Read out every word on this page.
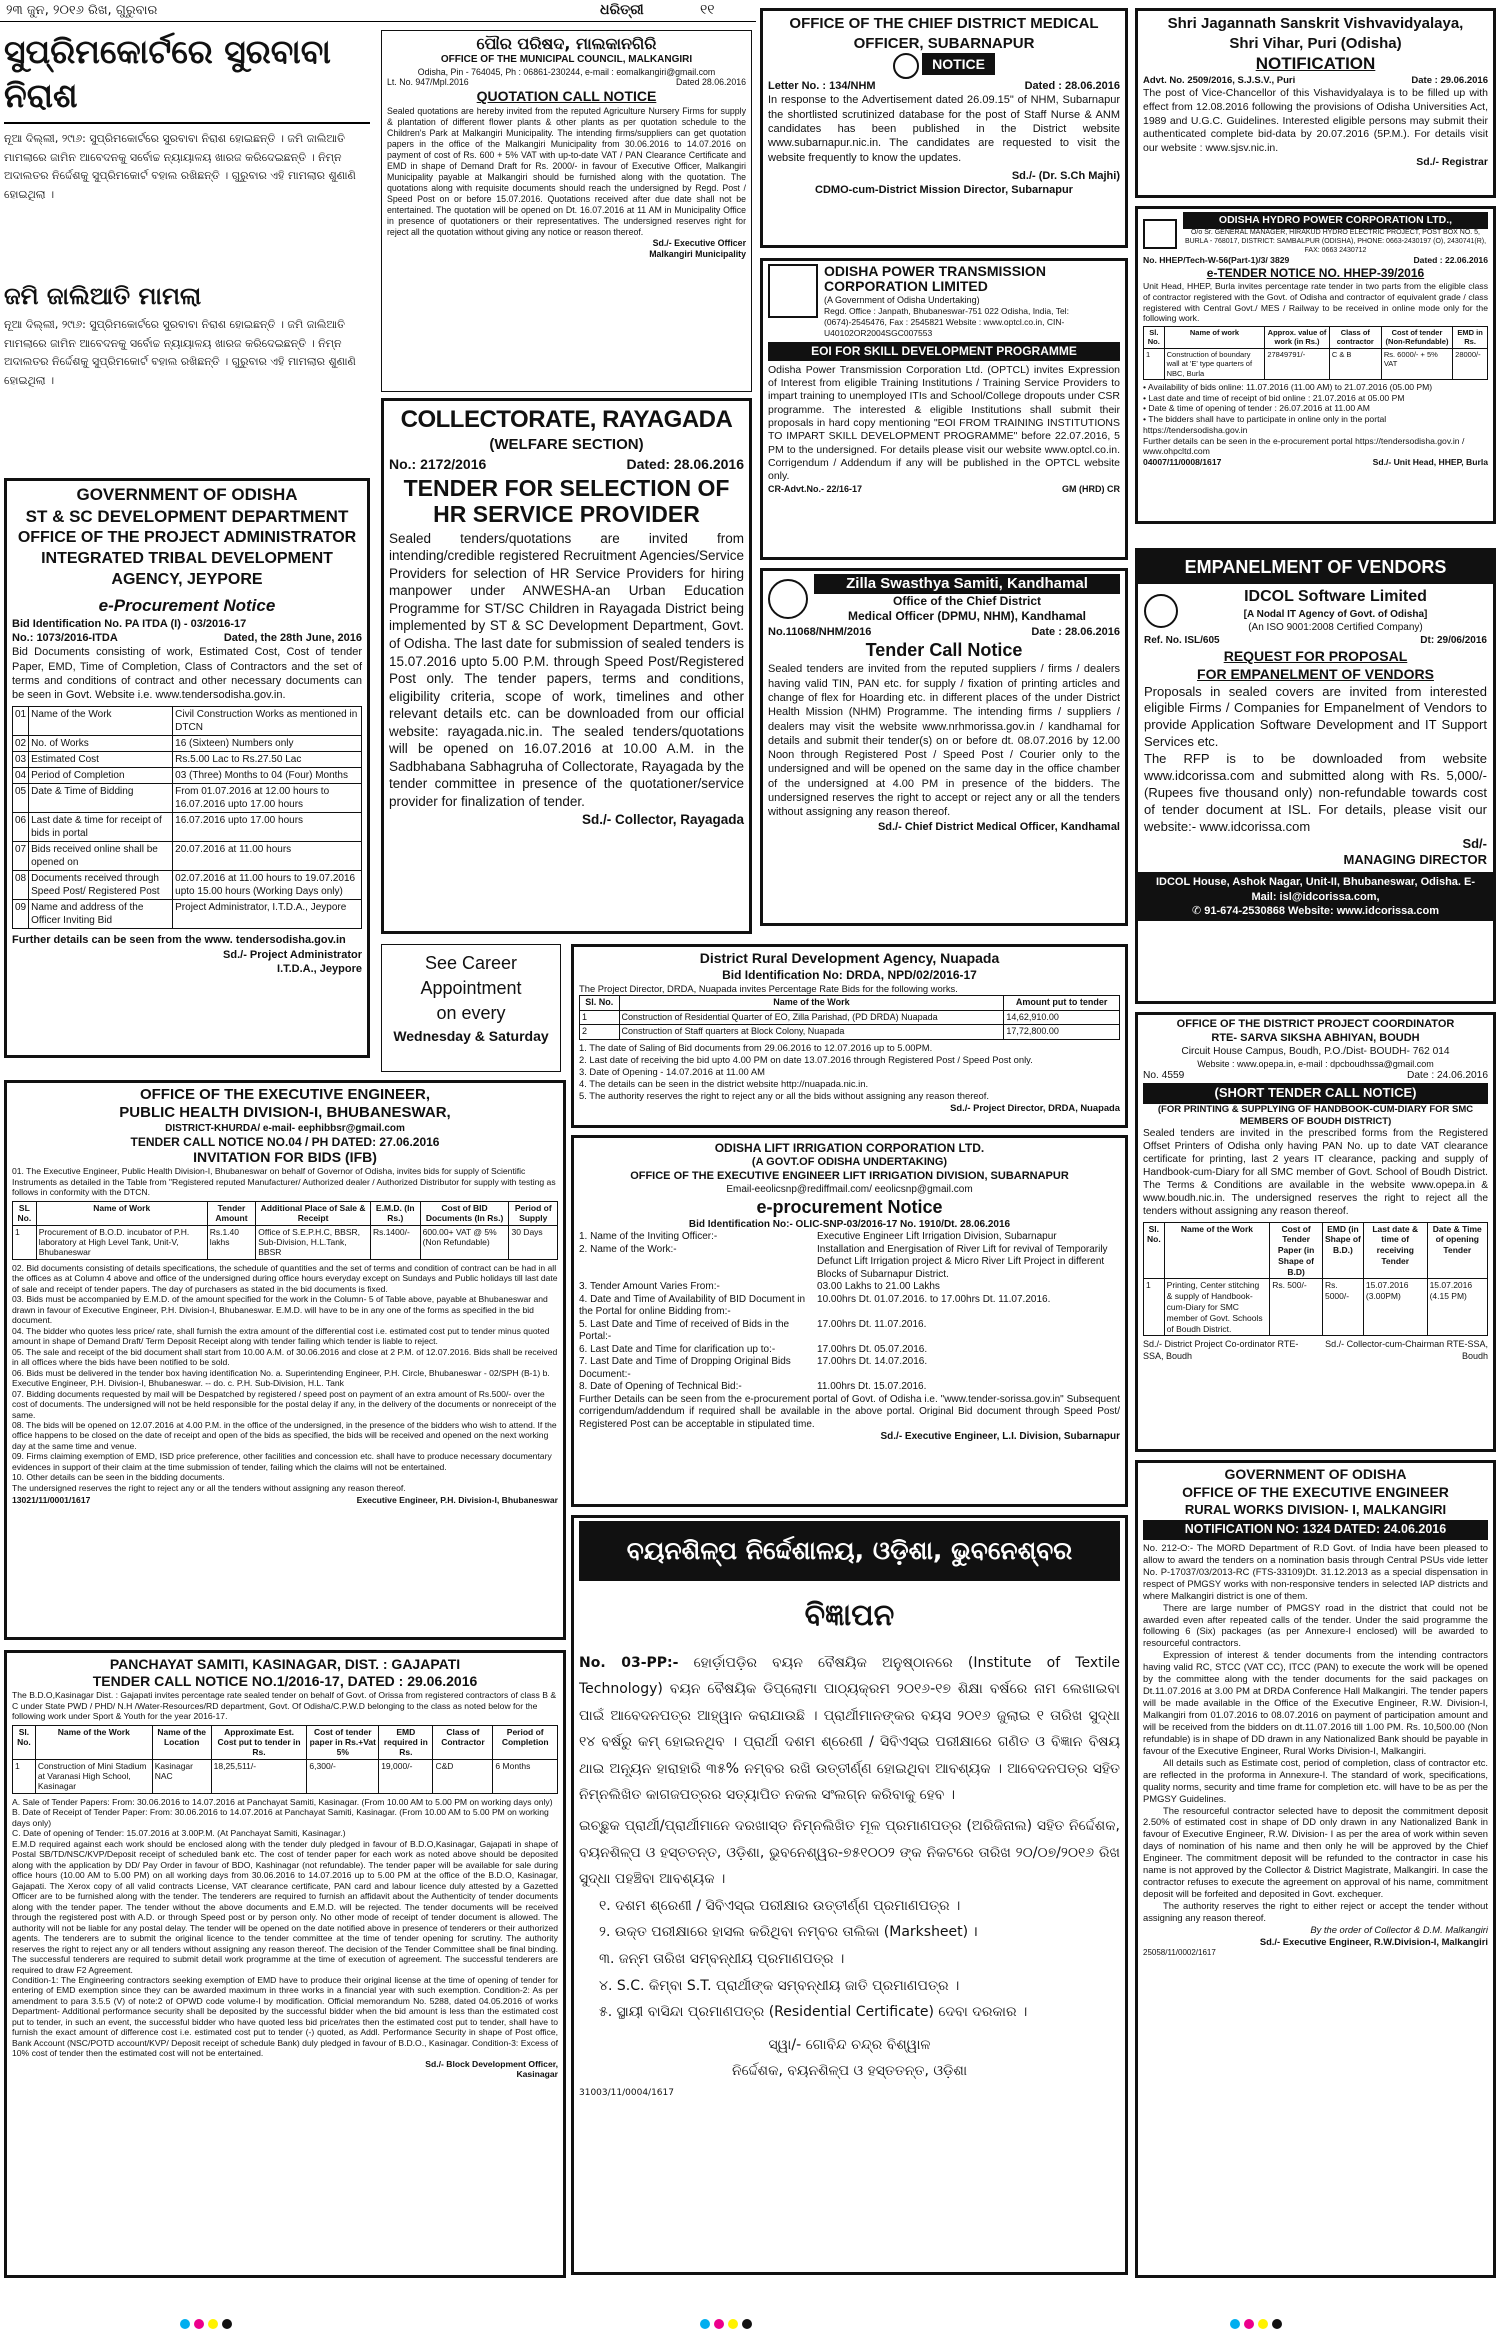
୨୩ ଜୁନ, ୨୦୧୬ ରିଖ, ଗୁରୁବାର	ଧରିତ୍ରୀ	୧୧
ସୁପ୍ରିମକୋର୍ଟରେ ସୁରବାବା ନିରାଶ
ନୂଆ ଦିଲ୍ଲୀ, ୨୯ା୬: ସୁପ୍ରିମକୋର୍ଟରେ ସୁରବାବା ନିରାଶ ହୋଇଛନ୍ତି । ଜମି ଜାଲିଆତି ମାମଲାରେ ଜାମିନ ଆବେଦନକୁ ସର୍ବୋଚ୍ଚ ନ୍ୟାୟାଳୟ ଖାରଜ କରିଦେଇଛନ୍ତି । ନିମ୍ନ ଅଦାଲତର ନିର୍ଦ୍ଦେଶକୁ ସୁପ୍ରିମକୋର୍ଟ ବହାଲ ରଖିଛନ୍ତି । ଗୁରୁବାର ଏହି ମାମଲାର ଶୁଣାଣି ହୋଇଥିଲା ।
ଜମି ଜାଲିଆତି ମାମଲା
ନୂଆ ଦିଲ୍ଲୀ, ୨୯ା୬: ସୁପ୍ରିମକୋର୍ଟରେ ସୁରବାବା ନିରାଶ ହୋଇଛନ୍ତି । ଜମି ଜାଲିଆତି ମାମଲାରେ ଜାମିନ ଆବେଦନକୁ ସର୍ବୋଚ୍ଚ ନ୍ୟାୟାଳୟ ଖାରଜ କରିଦେଇଛନ୍ତି । ନିମ୍ନ ଅଦାଲତର ନିର୍ଦ୍ଦେଶକୁ ସୁପ୍ରିମକୋର୍ଟ ବହାଲ ରଖିଛନ୍ତି । ଗୁରୁବାର ଏହି ମାମଲାର ଶୁଣାଣି ହୋଇଥିଲା ।
GOVERNMENT OF ODISHA
ST & SC DEVELOPMENT DEPARTMENT
OFFICE OF THE PROJECT ADMINISTRATOR
INTEGRATED TRIBAL DEVELOPMENT AGENCY, JEYPORE
e-Procurement Notice
Bid Identification No. PA ITDA (I) - 03/2016-17
No.: 1073/2016-ITDA	Dated, the 28th June, 2016
Bid Documents consisting of work, Estimated Cost, Cost of tender Paper, EMD, Time of Completion, Class of Contractors and the set of terms and conditions of contract and other necessary documents can be seen in Govt. Website i.e. www.tendersodisha.gov.in.
01	Name of the Work	Civil Construction Works as mentioned in DTCN
02	No. of Works	16 (Sixteen) Numbers only
03	Estimated Cost	Rs.5.00 Lac to Rs.27.50 Lac
04	Period of Completion	03 (Three) Months to 04 (Four) Months
05	Date & Time of Bidding	From 01.07.2016 at 12.00 hours to 16.07.2016 upto 17.00 hours
06	Last date & time for receipt of bids in portal	16.07.2016 upto 17.00 hours
07	Bids received online shall be opened on	20.07.2016 at 11.00 hours
08	Documents received through Speed Post/ Registered Post	02.07.2016 at 11.00 hours to 19.07.2016 upto 15.00 hours (Working Days only)
09	Name and address of the Officer Inviting Bid	Project Administrator, I.T.D.A., Jeypore
Further details can be seen from the www. tendersodisha.gov.in
Sd./- Project Administrator
I.T.D.A., Jeypore
OFFICE OF THE EXECUTIVE ENGINEER,
PUBLIC HEALTH DIVISION-I, BHUBANESWAR,
DISTRICT-KHURDA/ e-mail- eephibbsr@gmail.com
TENDER CALL NOTICE NO.04 / PH DATED: 27.06.2016
INVITATION FOR BIDS (IFB)
01. The Executive Engineer, Public Health Division-I, Bhubaneswar on behalf of Governor of Odisha, invites bids for supply of Scientific Instruments as detailed in the Table from "Registered reputed Manufacturer/ Authorized dealer / Authorized Distributor for supply with testing as follows in conformity with the DTCN.
SL No.	Name of Work	Tender Amount	Additional Place of Sale & Receipt	E.M.D. (In Rs.)	Cost of BID Documents (In Rs.)	Period of Supply
1	Procurement of B.O.D. incubator of P.H. laboratory at High Level Tank, Unit-V, Bhubaneswar	Rs.1.40 lakhs	Office of S.E.P.H.C, BBSR, Sub-Division, H.L.Tank, BBSR	Rs.1400/-	600.00+ VAT @ 5% (Non Refundable)	30 Days
02. Bid documents consisting of details specifications, the schedule of quantities and the set of terms and condition of contract can be had in all the offices as at Column 4 above and office of the undersigned during office hours everyday except on Sundays and Public holidays till last date of sale and receipt of tender papers. The day of purchasers as stated in the bid documents is fixed.
03. Bids must be accompanied by E.M.D. of the amount specified for the work in the Column- 5 of Table above, payable at Bhubaneswar and drawn in favour of Executive Engineer, P.H. Division-I, Bhubaneswar. E.M.D. will have to be in any one of the forms as specified in the bid document.
04. The bidder who quotes less price/ rate, shall furnish the extra amount of the differential cost i.e. estimated cost put to tender minus quoted amount in shape of Demand Draft/ Term Deposit Receipt along with tender failing which tender is liable to reject.
05. The sale and receipt of the bid document shall start from 10.00 A.M. of 30.06.2016 and close at 2 P.M. of 12.07.2016. Bids shall be received in all offices where the bids have been notified to be sold.
06. Bids must be delivered in the tender box having identification No. a. Superintending Engineer, P.H. Circle, Bhubaneswar - 02/SPH (B-1) b. Executive Engineer, P.H. Division-I, Bhubaneswar. -- do. c. P.H. Sub-Division, H.L. Tank
07. Bidding documents requested by mail will be Despatched by registered / speed post on payment of an extra amount of Rs.500/- over the cost of documents. The undersigned will not be held responsible for the postal delay if any, in the delivery of the documents or nonreceipt of the same.
08. The bids will be opened on 12.07.2016 at 4.00 P.M. in the office of the undersigned, in the presence of the bidders who wish to attend. If the office happens to be closed on the date of receipt and open of the bids as specified, the bids will be received and opened on the next working day at the same time and venue.
09. Firms claiming exemption of EMD, ISD price preference, other facilities and concession etc. shall have to produce necessary documentary evidences in support of their claim at the time submission of tender, failing which the claims will not be entertained.
10. Other details can be seen in the bidding documents.
The undersigned reserves the right to reject any or all the tenders without assigning any reason thereof.
13021/11/0001/1617	Executive Engineer, P.H. Division-I, Bhubaneswar
PANCHAYAT SAMITI, KASINAGAR, DIST. : GAJAPATI
TENDER CALL NOTICE NO.1/2016-17, DATED : 29.06.2016
The B.D.O,Kasinagar Dist. : Gajapati invites percentage rate sealed tender on behalf of Govt. of Orissa from registered contractors of class B & C under State PWD / PHD/ N.H /Water-Resources/RD department, Govt. Of Odisha/C.P.W.D belonging to the class as noted below for the following work under Sport & Youth for the year 2016-17.
Sl. No.	Name of the Work	Name of the Location	Approximate Est. Cost put to tender in Rs.	Cost of tender paper in Rs.+Vat 5%	EMD required in Rs.	Class of Contractor	Period of Completion
1	Construction of Mini Stadium at Varanasi High School, Kasinagar	Kasinagar NAC	18,25,511/-	6,300/-	19,000/-	C&D	6 Months
A. Sale of Tender Papers: From: 30.06.2016 to 14.07.2016 at Panchayat Samiti, Kasinagar. (From 10.00 AM to 5.00 PM on working days only)
B. Date of Receipt of Tender Paper: From: 30.06.2016 to 14.07.2016 at Panchayat Samiti, Kasinagar. (From 10.00 AM to 5.00 PM on working days only)
C. Date of opening of Tender: 15.07.2016 at 3.00P.M. (At Panchayat Samiti, Kasinagar.)
E.M.D required against each work should be enclosed along with the tender duly pledged in favour of B.D.O,Kasinagar, Gajapati in shape of Postal SB/TD/NSC/KVP/Deposit receipt of scheduled bank etc. The cost of tender paper for each work as noted above should be deposited along with the application by DD/ Pay Order in favour of BDO, Kashinagar (not refundable). The tender paper will be available for sale during office hours (10.00 AM to 5.00 PM) on all working days from 30.06.2016 to 14.07.2016 up to 5.00 PM at the office of the B.D.O, Kasinagar, Gajapati. The Xerox copy of all valid contracts License, VAT clearance certificate, PAN card and labour licence duly attested by a Gazetted Officer are to be furnished along with the tender. The tenderers are required to furnish an affidavit about the Authenticity of tender documents along with the tender paper. The tender without the above documents and E.M.D. will be rejected. The tender documents will be received through the registered post with A.D. or through Speed post or by person only. No other mode of receipt of tender document is allowed. The authority will not be liable for any postal delay. The tender will be opened on the date notified above in presence of tenderers or their authorized agents. The tenderers are to submit the original licence to the tender committee at the time of tender opening for scrutiny. The authority reserves the right to reject any or all tenders without assigning any reason thereof. The decision of the Tender Committee shall be final binding. The successful tenderers are required to submit detail work programme at the time of execution of agreement. The successful tenderers are required to draw F2 Agreement.
Condition-1: The Engineering contractors seeking exemption of EMD have to produce their original license at the time of opening of tender for entering of EMD exemption since they can be awarded maximum in three works in a financial year with such exemption. Condition-2: As per amendment to para 3.5.5 (V) of note:2 of OPWD code volume-I by modification. Official memorandum No. 5288, dated 04.05.2016 of works Department- Additional performance security shall be deposited by the successful bidder when the bid amount is less than the estimated cost put to tender, in such an event, the successful bidder who have quoted less bid price/rates then the estimated cost put to tender, shall have to furnish the exact amount of difference cost i.e. estimated cost put to tender (-) quoted, as Addl. Performance Security in shape of Post office, Bank Account (NSC/POTD account/KVP/ Deposit receipt of schedule Bank) duly pledged in favour of B.D.O., Kasinagar. Condition-3: Excess of 10% cost of tender then the estimated cost will not be entertained.
Sd./- Block Development Officer,
Kasinagar
ପୌର ପରିଷଦ, ମାଲକାନଗିରି
OFFICE OF THE MUNICIPAL COUNCIL, MALKANGIRI
Odisha, Pin - 764045, Ph : 06861-230244, e-mail : eomalkangiri@gmail.com
Lt. No. 947/Mpl.2016	Dated 28.06.2016
QUOTATION CALL NOTICE
Sealed quotations are hereby invited from the reputed Agriculture Nursery Firms for supply & plantation of different flower plants & other plants as per quotation schedule to the Children's Park at Malkangiri Municipality. The intending firms/suppliers can get quotation papers in the office of the Malkangiri Municipality from 30.06.2016 to 14.07.2016 on payment of cost of Rs. 600 + 5% VAT with up-to-date VAT / PAN Clearance Certificate and EMD in shape of Demand Draft for Rs. 2000/- in favour of Executive Officer, Malkangiri Municipality payable at Malkangiri should be furnished along with the quotation. The quotations along with requisite documents should reach the undersigned by Regd. Post / Speed Post on or before 15.07.2016. Quotations received after due date shall not be entertained. The quotation will be opened on Dt. 16.07.2016 at 11 AM in Municipality Office in presence of quotationers or their representatives. The undersigned reserves right for reject all the quotation without giving any notice or reason thereof.
Sd./- Executive Officer
Malkangiri Municipality
COLLECTORATE, RAYAGADA
(WELFARE SECTION)
No.: 2172/2016	Dated: 28.06.2016
TENDER FOR SELECTION OF HR SERVICE PROVIDER
Sealed tenders/quotations are invited from intending/credible registered Recruitment Agencies/Service Providers for selection of HR Service Providers for hiring manpower under ANWESHA-an Urban Education Programme for ST/SC Children in Rayagada District being implemented by ST & SC Development Department, Govt. of Odisha. The last date for submission of sealed tenders is 15.07.2016 upto 5.00 P.M. through Speed Post/Registered Post only. The tender papers, terms and conditions, eligibility criteria, scope of work, timelines and other relevant details etc. can be downloaded from our official website: rayagada.nic.in. The sealed tenders/quotations will be opened on 16.07.2016 at 10.00 A.M. in the Sadbhabana Sabhagruha of Collectorate, Rayagada by the tender committee in presence of the quotationer/service provider for finalization of tender.
Sd./- Collector, Rayagada
See Career
Appointment
on every
Wednesday & Saturday
OFFICE OF THE CHIEF DISTRICT MEDICAL OFFICER, SUBARNAPUR
NOTICE
Letter No. : 134/NHM	Dated : 28.06.2016
In response to the Advertisement dated 26.09.15" of NHM, Subarnapur the shortlisted scrutinized database for the post of Staff Nurse & ANM candidates has been published in the District website www.subarnapur.nic.in. The candidates are requested to visit the website frequently to know the updates.
Sd./- (Dr. S.Ch Majhi)
CDMO-cum-District Mission Director, Subarnapur
ODISHA POWER TRANSMISSION CORPORATION LIMITED
(A Government of Odisha Undertaking)
Regd. Office : Janpath, Bhubaneswar-751 022 Odisha, India, Tel:(0674)-2545476, Fax : 2545821 Website : www.optcl.co.in, CIN-U40102OR2004SGC007553
EOI FOR SKILL DEVELOPMENT PROGRAMME
Odisha Power Transmission Corporation Ltd. (OPTCL) invites Expression of Interest from eligible Training Institutions / Training Service Providers to impart training to unemployed ITIs and School/College dropouts under CSR programme. The interested & eligible Institutions shall submit their proposals in hard copy mentioning "EOI FROM TRAINING INSTITUTIONS TO IMPART SKILL DEVELOPMENT PROGRAMME" before 22.07.2016, 5 PM to the undersigned. For details please visit our website www.optcl.co.in. Corrigendum / Addendum if any will be published in the OPTCL website only.
CR-Advt.No.- 22/16-17	GM (HRD) CR
Zilla Swasthya Samiti, Kandhamal
Office of the Chief District
Medical Officer (DPMU, NHM), Kandhamal
No.11068/NHM/2016	Date : 28.06.2016
Tender Call Notice
Sealed tenders are invited from the reputed suppliers / firms / dealers having valid TIN, PAN etc. for supply / fixation of printing articles and change of flex for Hoarding etc. in different places of the under District Health Mission (NHM) Programme. The intending firms / suppliers / dealers may visit the website www.nrhmorissa.gov.in / kandhamal for details and submit their tender(s) on or before dt. 08.07.2016 by 12.00 Noon through Registered Post / Speed Post / Courier only to the undersigned and will be opened on the same day in the office chamber of the undersigned at 4.00 PM in presence of the bidders. The undersigned reserves the right to accept or reject any or all the tenders without assigning any reason thereof.
Sd./- Chief District Medical Officer, Kandhamal
District Rural Development Agency, Nuapada
Bid Identification No: DRDA, NPD/02/2016-17
The Project Director, DRDA, Nuapada invites Percentage Rate Bids for the following works.
Sl. No.	Name of the Work	Amount put to tender
1	Construction of Residential Quarter of EO, Zilla Parishad, (PD DRDA) Nuapada	14,62,910.00
2	Construction of Staff quarters at Block Colony, Nuapada	17,72,800.00
1. The date of Saling of Bid documents from 29.06.2016 to 12.07.2016 up to 5.00PM.
2. Last date of receiving the bid upto 4.00 PM on date 13.07.2016 through Registered Post / Speed Post only.
3. Date of Opening - 14.07.2016 at 11.00 AM
4. The details can be seen in the district website http://nuapada.nic.in.
5. The authority reserves the right to reject any or all the bids without assigning any reason thereof.
Sd./- Project Director, DRDA, Nuapada
ODISHA LIFT IRRIGATION CORPORATION LTD.
(A GOVT.OF ODISHA UNDERTAKING)
OFFICE OF THE EXECUTIVE ENGINEER LIFT IRRIGATION DIVISION, SUBARNAPUR
Email-eeolicsnp@rediffmail.com/ eeolicsnp@gmail.com
e-procurement Notice
Bid Identification No:- OLIC-SNP-03/2016-17 No. 1910/Dt. 28.06.2016
1. Name of the Inviting Officer:-	Executive Engineer Lift Irrigation Division, Subarnapur
2. Name of the Work:-	Installation and Energisation of River Lift for revival of Temporarily Defunct Lift Irrigation project & Micro River Lift Project in different Blocks of Subarnapur District.
3. Tender Amount Varies From:-	03.00 Lakhs to 21.00 Lakhs
4. Date and Time of Availability of BID Document in the Portal for online Bidding from:-
10.00hrs Dt. 01.07.2016. to 17.00hrs Dt. 11.07.2016.
5. Last Date and Time of received of Bids in the Portal:-
17.00hrs Dt. 11.07.2016.
6. Last Date and Time for clarification up to:-	17.00hrs Dt. 05.07.2016.
7. Last Date and Time of Dropping Original Bids Document:-
17.00hrs Dt. 14.07.2016.
8. Date of Opening of Technical Bid:-	11.00hrs Dt. 15.07.2016.
Further Details can be seen from the e-procurement portal of Govt. of Odisha i.e. "www.tender-sorissa.gov.in" Subsequent corrigendum/addendum if required shall be available in the above portal. Original Bid document through Speed Post/ Registered Post can be acceptable in stipulated time.
Sd./- Executive Engineer, L.I. Division, Subarnapur
ବୟନଶିଳ୍ପ ନିର୍ଦ୍ଦେଶାଳୟ, ଓଡ଼ିଶା, ଭୁବନେଶ୍ବର
ବିଜ୍ଞାପନ
No. 03-PP:- ହୋର୍ଡ଼ାପଡ଼ିର ବୟନ ବୈଷୟିକ ଅନୁଷ୍ଠାନରେ (Institute of Textile Technology) ବୟନ ବୈଷୟିକ ଡିପ୍ଲୋମା ପାଠ୍ୟକ୍ରମ ୨୦୧୬-୧୭ ଶିକ୍ଷା ବର୍ଷରେ ନାମ ଲେଖାଇବା ପାଇଁ ଆବେଦନପତ୍ର ଆହ୍ୱାନ କରାଯାଉଛି । ପ୍ରାର୍ଥୀମାନଙ୍କର ବୟସ ୨୦୧୬ ଜୁଲାଇ ୧ ତାରିଖ ସୁଦ୍ଧା ୧୪ ବର୍ଷରୁ କମ୍ ହୋଇନଥିବ । ପ୍ରାର୍ଥୀ ଦଶମ ଶ୍ରେଣୀ / ସିବିଏସ୍‌ଇ ପରୀକ୍ଷାରେ ଗଣିତ ଓ ବିଜ୍ଞାନ ବିଷୟ ଥାଇ ଅନ୍ୟୂନ ହାରାହାରି ୩୫% ନମ୍ବର ରଖି ଉତ୍ତୀର୍ଣ୍ଣ ହୋଇଥିବା ଆବଶ୍ୟକ । ଆବେଦନପତ୍ର ସହିତ ନିମ୍ନଲିଖିତ କାଗଜପତ୍ରର ସତ୍ୟାପିତ ନକଲ ସଂଲଗ୍ନ କରିବାକୁ ହେବ ।
ଇଚ୍ଛୁକ ପ୍ରାର୍ଥୀ/ପ୍ରାର୍ଥୀମାନେ ଦରଖାସ୍ତ ନିମ୍ନଲିଖିତ ମୂଳ ପ୍ରମାଣପତ୍ର (ଅରିଜିନାଲ) ସହିତ ନିର୍ଦ୍ଦେଶକ, ବୟନଶିଳ୍ପ ଓ ହସ୍ତତନ୍ତ, ଓଡ଼ିଶା, ଭୁବନେଶ୍ୱର-୭୫୧୦୦୨ ଙ୍କ ନିକଟରେ ତାରିଖ ୨୦/୦୭/୨୦୧୬ ରିଖ ସୁଦ୍ଧା ପହଞ୍ଚିବା ଆବଶ୍ୟକ ।
୧. ଦଶମ ଶ୍ରେଣୀ / ସିବିଏସ୍‌ଇ ପରୀକ୍ଷାର ଉତ୍ତୀର୍ଣ୍ଣ ପ୍ରମାଣପତ୍ର ।
୨. ଉକ୍ତ ପରୀକ୍ଷାରେ ହାସଲ କରିଥିବା ନମ୍ବର ତାଲିକା (Marksheet) ।
୩. ଜନ୍ମ ତାରିଖ ସମ୍ବନ୍ଧୀୟ ପ୍ରମାଣପତ୍ର ।
୪. S.C. କିମ୍ବା S.T. ପ୍ରାର୍ଥୀଙ୍କ ସମ୍ବନ୍ଧୀୟ ଜାତି ପ୍ରମାଣପତ୍ର ।
୫. ସ୍ଥାୟୀ ବାସିନ୍ଦା ପ୍ରମାଣପତ୍ର (Residential Certificate) ଦେବା ଦରକାର ।
ସ୍ୱା/- ଗୋବିନ୍ଦ ଚନ୍ଦ୍ର ବିଶ୍ୱାଳ
ନିର୍ଦ୍ଦେଶକ, ବୟନଶିଳ୍ପ ଓ ହସ୍ତତନ୍ତ, ଓଡ଼ିଶା
31003/11/0004/1617
Shri Jagannath Sanskrit Vishvavidyalaya,
Shri Vihar, Puri (Odisha)
NOTIFICATION
Advt. No. 2509/2016, S.J.S.V., Puri	Date : 29.06.2016
The post of Vice-Chancellor of this Vishavidyalaya is to be filled up with effect from 12.08.2016 following the provisions of Odisha Universities Act, 1989 and U.G.C. Guidelines. Interested eligible persons may submit their authenticated complete bid-data by 20.07.2016 (5P.M.). For details visit our website : www.sjsv.nic.in.
Sd./- Registrar
ODISHA HYDRO POWER CORPORATION LTD.,
O/o Sr. GENERAL MANAGER, HIRAKUD HYDRO ELECTRIC PROJECT, POST BOX NO. 5, BURLA - 768017, DISTRICT: SAMBALPUR (ODISHA), PHONE: 0663-2430197 (O), 2430741(R), FAX: 0663 2430712
No. HHEP/Tech-W-56(Part-1)/3/ 3829	Dated : 22.06.2016
e-TENDER NOTICE NO. HHEP-39/2016
Unit Head, HHEP, Burla invites percentage rate tender in two parts from the eligible class of contractor registered with the Govt. of Odisha and contractor of equivalent grade / class registered with Central Govt./ MES / Railway to be received in online mode only for the following work.
Sl. No.	Name of work	Approx. value of work (in Rs.)	Class of contractor	Cost of tender (Non-Refundable)	EMD in Rs.
1	Construction of boundary wall at 'E' type quarters of NBC, Burla	27849791/-	C & B	Rs. 6000/- + 5% VAT	28000/-
• Availability of bids online: 11.07.2016 (11.00 AM) to 21.07.2016 (05.00 PM)
• Last date and time of receipt of bid online : 21.07.2016 at 05.00 PM
• Date & time of opening of tender : 26.07.2016 at 11.00 AM
• The bidders shall have to participate in online only in the portal https://tendersodisha.gov.in
Further details can be seen in the e-procurement portal https://tendersodisha.gov.in / www.ohpcltd.com
04007/11/0008/1617	Sd./- Unit Head, HHEP, Burla
EMPANELMENT OF VENDORS
IDCOL Software Limited
[A Nodal IT Agency of Govt. of Odisha]
(An ISO 9001:2008 Certified Company)
Ref. No. ISL/605	Dt: 29/06/2016
REQUEST FOR PROPOSAL
FOR EMPANELMENT OF VENDORS
Proposals in sealed covers are invited from interested eligible Firms / Companies for Empanelment of Vendors to provide Application Software Development and IT Support Services etc.
The RFP is to be downloaded from website www.idcorissa.com and submitted along with Rs. 5,000/- (Rupees five thousand only) non-refundable towards cost of tender document at ISL. For details, please visit our website:- www.idcorissa.com
Sd/-
MANAGING DIRECTOR
IDCOL House, Ashok Nagar, Unit-II, Bhubaneswar, Odisha. E-Mail: isl@idcorissa.com,
✆ 91-674-2530868 Website: www.idcorissa.com
OFFICE OF THE DISTRICT PROJECT COORDINATOR
RTE- SARVA SIKSHA ABHIYAN, BOUDH
Circuit House Campus, Boudh, P.O./Dist- BOUDH- 762 014
Website : www.opepa.in, e-mail : dpcboudhssa@gmail.com
No. 4559	Date : 24.06.2016
(SHORT TENDER CALL NOTICE)
(FOR PRINTING & SUPPLYING OF HANDBOOK-CUM-DIARY FOR SMC MEMBERS OF BOUDH DISTRICT)
Sealed tenders are invited in the prescribed forms from the Registered Offset Printers of Odisha only having PAN No. up to date VAT clearance certificate for printing, last 2 years IT clearance, packing and supply of Handbook-cum-Diary for all SMC member of Govt. School of Boudh District. The Terms & Conditions are available in the website www.opepa.in & www.boudh.nic.in. The undersigned reserves the right to reject all the tenders without assigning any reason thereof.
Sl. No.	Name of the Work	Cost of Tender Paper (in Shape of B.D)	EMD (in Shape of B.D.)	Last date & time of receiving Tender	Date & Time of opening Tender
1	Printing, Center stitching & supply of Handbook-cum-Diary for SMC member of Govt. Schools of Boudh District.	Rs. 500/-	Rs. 5000/-	15.07.2016 (3.00PM)	15.07.2016 (4.15 PM)
Sd./- District Project Co-ordinator RTE-SSA, Boudh
Sd./- Collector-cum-Chairman RTE-SSA, Boudh
GOVERNMENT OF ODISHA
OFFICE OF THE EXECUTIVE ENGINEER
RURAL WORKS DIVISION- I, MALKANGIRI
NOTIFICATION NO: 1324 DATED: 24.06.2016
No. 212-O:- The MORD Department of R.D Govt. of India have been pleased to allow to award the tenders on a nomination basis through Central PSUs vide letter No. P-17037/03/2013-RC (FTS-33109)Dt. 31.12.2013 as a special dispensation in respect of PMGSY works with non-responsive tenders in selected IAP districts and where Malkangiri district is one of them.
There are large number of PMGSY road in the district that could not be awarded even after repeated calls of the tender. Under the said programme the following 6 (Six) packages (as per Annexure-I enclosed) will be awarded to resourceful contractors.
Expression of interest & tender documents from the intending contractors having valid RC, STCC (VAT CC), ITCC (PAN) to execute the work will be opened by the committee along with the tender documents for the said packages on Dt.11.07.2016 at 3.00 PM at DRDA Conference Hall Malkangiri. The tender papers will be made available in the Office of the Executive Engineer, R.W. Division-I, Malkangiri from 01.07.2016 to 08.07.2016 on payment of participation amount and will be received from the bidders on dt.11.07.2016 till 1.00 PM. Rs. 10,500.00 (Non refundable) is in shape of DD drawn in any Nationalized Bank should be payable in favour of the Executive Engineer, Rural Works Division-I, Malkangiri.
All details such as Estimate cost, period of completion, class of contractor etc. are reflected in the proforma in Annexure-I. The standard of work, specifications, quality norms, security and time frame for completion etc. will have to be as per the PMGSY Guidelines.
The resourceful contractor selected have to deposit the commitment deposit 2.50% of estimated cost in shape of DD only drawn in any Nationalized Bank in favour of Executive Engineer, R.W. Division- I as per the area of work within seven days of nomination of his name and then only he will be approved by the Chief Engineer. The commitment deposit will be refunded to the contractor in case his name is not approved by the Collector & District Magistrate, Malkangiri. In case the contractor refuses to execute the agreement on approval of his name, commitment deposit will be forfeited and deposited in Govt. exchequer.
The authority reserves the right to either reject or accept the tender without assigning any reason thereof.
By the order of Collector & D.M. Malkangiri
Sd./- Executive Engineer, R.W.Division-I, Malkangiri
25058/11/0002/1617
